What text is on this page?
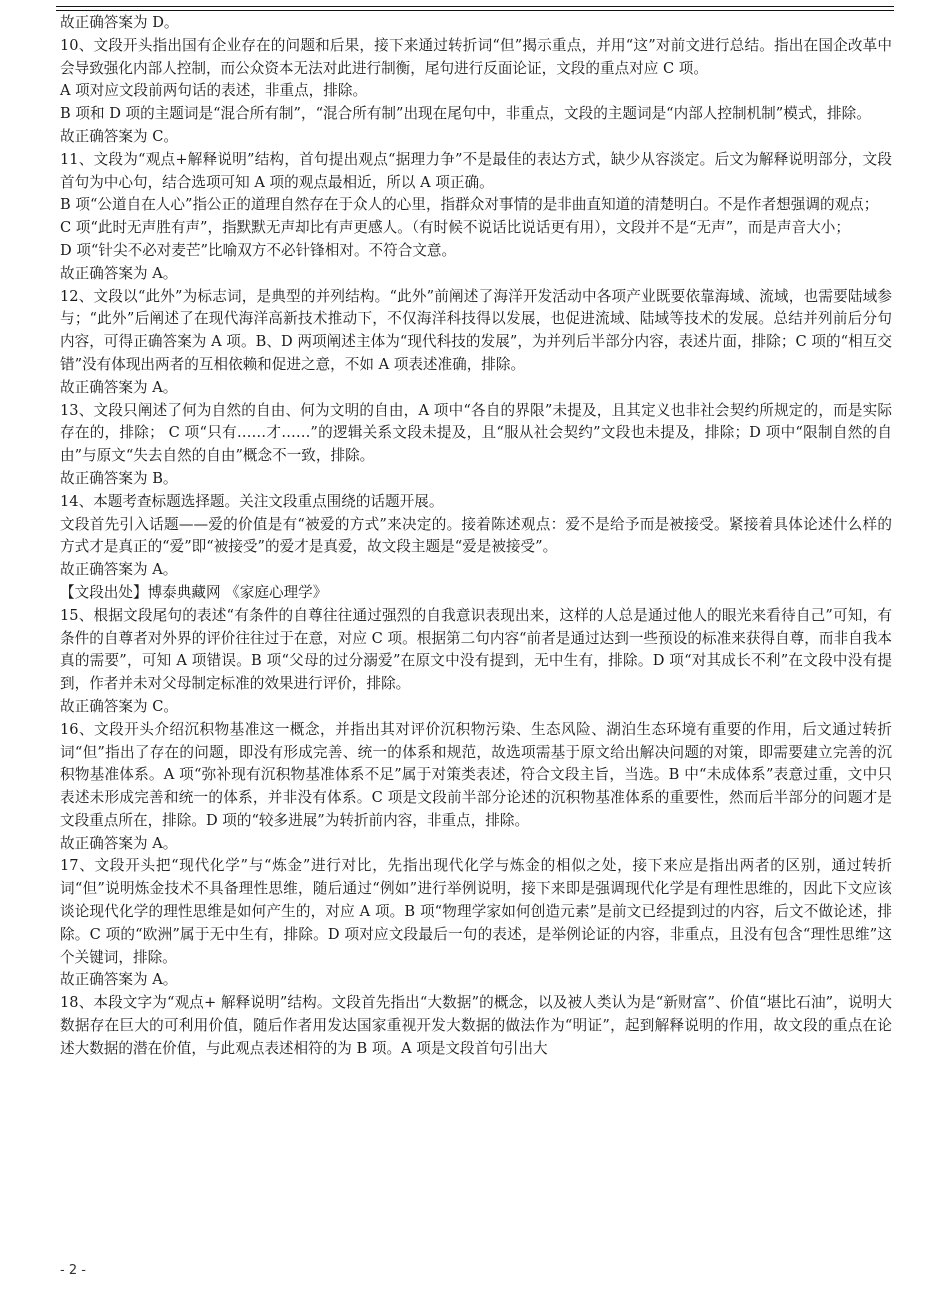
故正确答案为 D。

10、文段开头指出国有企业存在的问题和后果，接下来通过转折词“但”揭示重点，并用“这”对前文进行总结。指出在国企改革中会导致强化内部人控制，而公众资本无法对此进行制衡，尾句进行反面论证，文段的重点对应 C 项。

A 项对应文段前两句话的表述，非重点，排除。

B 项和 D 项的主题词是“混合所有制”，“混合所有制”出现在尾句中，非重点，文段的主题词是“内部人控制机制”模式，排除。

故正确答案为 C。

11、文段为“观点+解释说明”结构，首句提出观点“据理力争”不是最佳的表达方式，缺少从容淡定。后文为解释说明部分，文段首句为中心句，结合选项可知 A 项的观点最相近，所以 A 项正确。

B 项“公道自在人心”指公正的道理自然存在于众人的心里，指群众对事情的是非曲直知道的清楚明白。不是作者想强调的观点；

C 项“此时无声胜有声”，指默默无声却比有声更感人。（有时候不说话比说话更有用），文段并不是“无声”，而是声音大小；

D 项“针尖不必对麦芒”比喻双方不必针锋相对。不符合文意。

故正确答案为 A。

12、文段以“此外”为标志词，是典型的并列结构。“此外”前阐述了海洋开发活动中各项产业既要依靠海域、流域，也需要陆域参与；“此外”后阐述了在现代海洋高新技术推动下，不仅海洋科技得以发展，也促进流域、陆域等技术的发展。总结并列前后分句内容，可得正确答案为 A 项。B、D 两项阐述主体为“现代科技的发展”，为并列后半部分内容，表述片面，排除；C 项的“相互交错”没有体现出两者的互相依赖和促进之意，不如 A 项表述准确，排除。

故正确答案为 A。

13、文段只阐述了何为自然的自由、何为文明的自由，A 项中“各自的界限”未提及，且其定义也非社会契约所规定的，而是实际存在的，排除； C 项“只有……才……”的逻辑关系文段未提及，且“服从社会契约”文段也未提及，排除；D 项中“限制自然的自由”与原文“失去自然的自由”概念不一致，排除。

故正确答案为 B。

14、本题考查标题选择题。关注文段重点围绕的话题开展。

文段首先引入话题——爱的价值是有“被爱的方式”来决定的。接着陈述观点：爱不是给予而是被接受。紧接着具体论述什么样的方式才是真正的“爱”即“被接受”的爱才是真爱，故文段主题是“爱是被接受”。

故正确答案为 A。

【文段出处】博泰典藏网 《家庭心理学》

15、根据文段尾句的表述“有条件的自尊往往通过强烈的自我意识表现出来，这样的人总是通过他人的眼光来看待自己”可知，有条件的自尊者对外界的评价往往过于在意，对应 C 项。根据第二句内容“前者是通过达到一些预设的标准来获得自尊，而非自我本真的需要”，可知 A 项错误。B 项“父母的过分溺爱”在原文中没有提到，无中生有，排除。D 项“对其成长不利”在文段中没有提到，作者并未对父母制定标准的效果进行评价，排除。

故正确答案为 C。

16、文段开头介绍沉积物基准这一概念，并指出其对评价沉积物污染、生态风险、湖泊生态环境有重要的作用，后文通过转折词“但”指出了存在的问题，即没有形成完善、统一的体系和规范，故选项需基于原文给出解决问题的对策，即需要建立完善的沉积物基准体系。A 项“弥补现有沉积物基准体系不足”属于对策类表述，符合文段主旨，当选。B 中“未成体系”表意过重，文中只表述未形成完善和统一的体系，并非没有体系。C 项是文段前半部分论述的沉积物基准体系的重要性，然而后半部分的问题才是文段重点所在，排除。D 项的“较多进展”为转折前内容，非重点，排除。

故正确答案为 A。

17、文段开头把“现代化学”与“炼金”进行对比，先指出现代化学与炼金的相似之处，接下来应是指出两者的区别，通过转折词“但”说明炼金技术不具备理性思维，随后通过“例如”进行举例说明，接下来即是强调现代化学是有理性思维的，因此下文应该谈论现代化学的理性思维是如何产生的，对应 A 项。B 项“物理学家如何创造元素”是前文已经提到过的内容，后文不做论述，排除。C 项的“欧洲”属于无中生有，排除。D 项对应文段最后一句的表述，是举例论证的内容，非重点，且没有包含“理性思维”这个关键词，排除。

故正确答案为 A。

18、本段文字为“观点+ 解释说明”结构。文段首先指出“大数据”的概念，以及被人类认为是“新财富”、价值“堪比石油”，说明大数据存在巨大的可利用价值，随后作者用发达国家重视开发大数据的做法作为“明证”，起到解释说明的作用，故文段的重点在论述大数据的潜在价值，与此观点表述相符的为 B 项。A 项是文段首句引出大

- 2 -
